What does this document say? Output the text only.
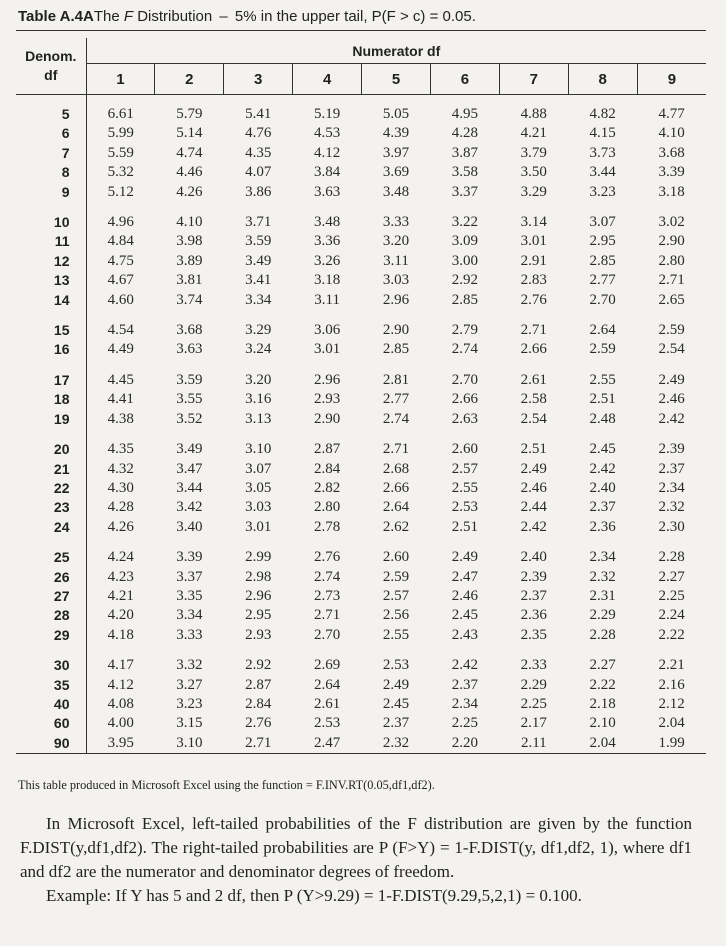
Table A.4AThe F Distribution  –  5% in the upper tail, P(F > c) = 0.05.
Denom.
df	Numerator df								
	1	2	3	4	5	6	7	8	9

5	6.61	5.79	5.41	5.19	5.05	4.95	4.88	4.82	4.77
6	5.99	5.14	4.76	4.53	4.39	4.28	4.21	4.15	4.10
7	5.59	4.74	4.35	4.12	3.97	3.87	3.79	3.73	3.68
8	5.32	4.46	4.07	3.84	3.69	3.58	3.50	3.44	3.39
9	5.12	4.26	3.86	3.63	3.48	3.37	3.29	3.23	3.18

10	4.96	4.10	3.71	3.48	3.33	3.22	3.14	3.07	3.02
11	4.84	3.98	3.59	3.36	3.20	3.09	3.01	2.95	2.90
12	4.75	3.89	3.49	3.26	3.11	3.00	2.91	2.85	2.80
13	4.67	3.81	3.41	3.18	3.03	2.92	2.83	2.77	2.71
14	4.60	3.74	3.34	3.11	2.96	2.85	2.76	2.70	2.65

15	4.54	3.68	3.29	3.06	2.90	2.79	2.71	2.64	2.59
16	4.49	3.63	3.24	3.01	2.85	2.74	2.66	2.59	2.54

17	4.45	3.59	3.20	2.96	2.81	2.70	2.61	2.55	2.49
18	4.41	3.55	3.16	2.93	2.77	2.66	2.58	2.51	2.46
19	4.38	3.52	3.13	2.90	2.74	2.63	2.54	2.48	2.42

20	4.35	3.49	3.10	2.87	2.71	2.60	2.51	2.45	2.39
21	4.32	3.47	3.07	2.84	2.68	2.57	2.49	2.42	2.37
22	4.30	3.44	3.05	2.82	2.66	2.55	2.46	2.40	2.34
23	4.28	3.42	3.03	2.80	2.64	2.53	2.44	2.37	2.32
24	4.26	3.40	3.01	2.78	2.62	2.51	2.42	2.36	2.30

25	4.24	3.39	2.99	2.76	2.60	2.49	2.40	2.34	2.28
26	4.23	3.37	2.98	2.74	2.59	2.47	2.39	2.32	2.27
27	4.21	3.35	2.96	2.73	2.57	2.46	2.37	2.31	2.25
28	4.20	3.34	2.95	2.71	2.56	2.45	2.36	2.29	2.24
29	4.18	3.33	2.93	2.70	2.55	2.43	2.35	2.28	2.22

30	4.17	3.32	2.92	2.69	2.53	2.42	2.33	2.27	2.21
35	4.12	3.27	2.87	2.64	2.49	2.37	2.29	2.22	2.16
40	4.08	3.23	2.84	2.61	2.45	2.34	2.25	2.18	2.12
60	4.00	3.15	2.76	2.53	2.37	2.25	2.17	2.10	2.04
90	3.95	3.10	2.71	2.47	2.32	2.20	2.11	2.04	1.99

This table produced in Microsoft Excel using the function = F.INV.RT(0.05,df1,df2).

In Microsoft Excel, left-tailed probabilities of the F distribution are given by the function F.DIST(y,df1,df2). The right-tailed probabilities are P (F>Y) = 1-F.DIST(y, df1,df2, 1), where df1 and df2 are the numerator and denominator degrees of freedom.

Example: If Y has 5 and 2 df, then P (Y>9.29) = 1-F.DIST(9.29,5,2,1) = 0.100.
